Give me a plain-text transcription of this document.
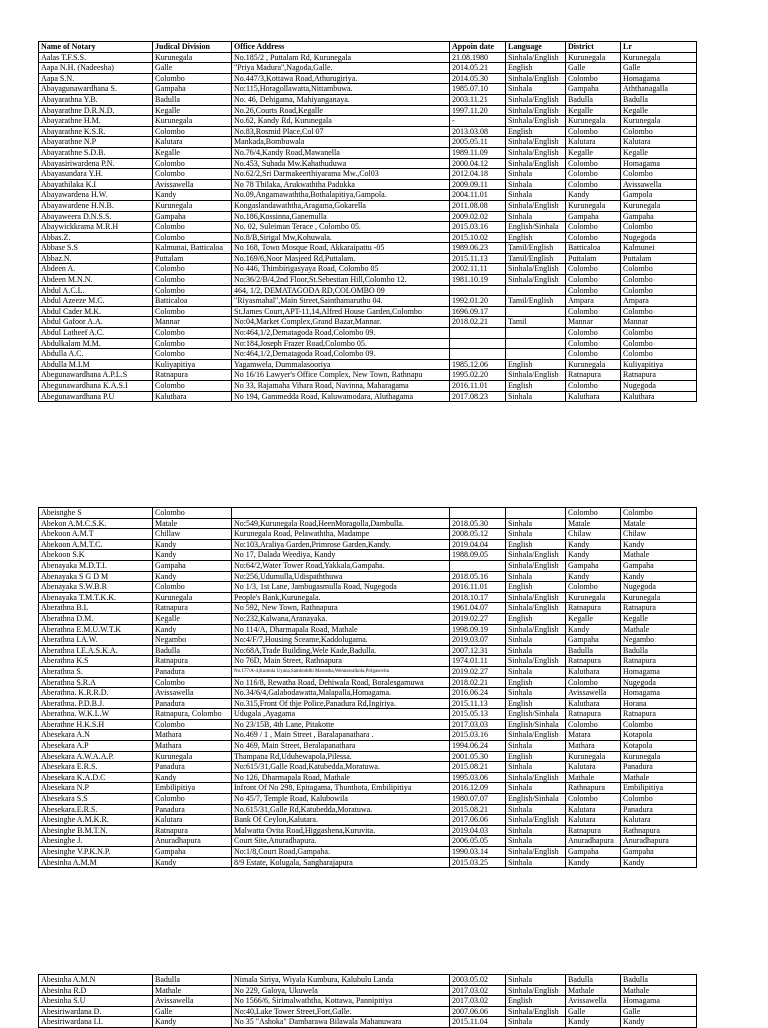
Name of Notary	Judical Division	Office Address	Appoin date	Language	District	Lr
Aalas T.F.S.S.	Kurunegala	No.185/2 , Puttalam Rd, Kurunegala	21.08.1980	Sinhala/English	Kurunegala	Kurunegala
Aapa N.H. (Nadeesha)	Galle	"Priya Madura",Nagoda,Galle.	2014.05.21	English	Galle	Galle
Aapa S.N.	Colombo	No.447/3,Kottawa Road,Athurugiriya.	2014.05.30	Sinhala/English	Colombo	Homagama
Abayagunawardhana S.	Gampaha	No:115,Horagollawatta,Nittambuwa.	1985.07.10	Sinhala	Gampaha	Aththanagalla
Abayarathna Y.B.	Badulla	No. 46, Dehigama, Mahiyanganaya.	2003.11.21	Sinhala/English	Badulla	Badulla
Abayarathne D.R.N.D.	Kegalle	No.26,Courts Road,Kegalle	1997.11.20	Sinhala/English	Kegalle	Kegalle
Abayarathne H.M.	Kurunegala	No.62, Kandy Rd, Kurunegala	-	Sinhala/English	Kurunegala	Kurunegala
Abayarathne K.S.R.	Colombo	No.83,Rosmid Place,Col 07	2013.03.08	English	Colombo	Colombo
Abayarathne N.P	Kalutara	Mankada,Bombuwala	2005.05.11	Sinhala/English	Kalutara	Kalutara
Abayarathne S.D.B.	Kegalle	No.76/4,Kandy Road,Mawanella	1989.11.09	Sinhala/English	Kegalle	Kegalle
Abayasiriwardena P.N.	Colombo	No.453, Suhada Mw.Kahathuduwa	2000.04.12	Sinhala/English	Colombo	Homagama
Abayasundara Y.H.	Colombo	No.62/2,Sri Darmakeerthiyarama Mw.,Col03	2012.04.18	Sinhala	Colombo	Colombo
Abayathilaka K.I	Avissawella	No 78 Thilaka, Arukwaththa Padukka	2009.09.11	Sinhala	Colombo	Avissawella
Abayawardena H.W.	Kandy	No.09,Angamawaththa,Bothalapitiya,Gampola.	2004.11.01	Sinhala	Kandy	Gampola
Abayawardene H.N.B.	Kurunegala	Kongaslandawaththa,Aragama,Gokarella	2011.08.08	Sinhala/English	Kurunegala	Kurunegala
Abayaweera D.N.S.S.	Gampaha	No.186,Kossinna,Ganemulla	2009.02.02	Sinhala	Gampaha	Gampaha
Abaywickkrama M.R.H	Colombo	No. 02, Suleiman Terace , Colombo 05.	2015.03.16	English/Sinhala	Colombo	Colombo
Abbas.Z.	Colombo	No.8/B,Sirigal Mw,Kohuwala.	2015.10.02	English	Colombo	Nugegoda
Abbase S.S	Kalmunai, Batticaloa	No 168, Town Mosque Road, Akkaraipattu -05	1989.06.23	Tamil/English	Batticaloa	Kalmunei
Abbaz.N.	Puttalam	No.169/6,Noor Masjeed Rd,Puttalam.	2015.11.13	Tamil/English	Puttalam	Puttalam
Abdeen A.	Colombo	No 446, Thimbirigasyaya Road, Colombo 05	2002.11.11	Sinhala/English	Colombo	Colombo
Abdeen M.N.N.	Colombo	No:36/2/B/4,2nd Floor,St.Sebestian Hill,Colombo 12.	1981.10.19	Sinhala/English	Colombo	Colombo
Abdul A.C.L.	Colombo	464, 1/2, DEMATAGODA RD,COLOMBO 09			Colombo	Colombo
Abdul Azeeze M.C.	Batticaloa	"Riyasmahal",Main Street,Sainthamaruthu 04.	1992.01.20	Tamil/English	Ampara	Ampara
Abdul Cader M.K.	Colombo	St.James Court,APT-11,14,Alfred House Garden,Colombo	1696.09.17		Colombo	Colombo
Abdul Gafoor A.A.	Mannar	No:04,Market Complex,Grand Bazar,Mannar.	2018.02.21	Tamil	Mannar	Mannar
Abdul Latheef A.C.	Colombo	No:464,1/2,Dematagoda Road,Colombo 09.			Colombo	Colombo
Abdulkalam M.M.	Colombo	No:184,Joseph Frazer Road,Colombo 05.			Colombo	Colombo
Abdulla A.C.	Colombo	No:464,1/2,Dematagoda Road,Colombo 09.			Colombo	Colombo
Abdulla M.I.M	Kuliyapitiya	Yagamwela, Dummalasooriya	1985.12.06	English	Kurunegala	Kuliyapitiya
Abegunawardhana A.P.L.S	Ratnapura	No 16/16 Lawyer's Office Complex, New Town, Rathnapu	1995.02.20	Sinhala/English	Ratnapura	Ratnapura
Abegunawardhana K.A.S.I	Colombo	No 33, Rajamaha Vihara Road, Navinna, Maharagama	2016.11.01	English	Colombo	Nugegoda
Abegunawardhana P.U	Kaluthara	No 194, Gammedda Road, Kaluwamodara, Aluthagama	2017.08.23	Sinhala	Kaluthara	Kaluthara
Abeisnghe S	Colombo				Colombo	Colombo
Abekon A.M.C.S.K.	Matale	No:549,Kurunegala Road,HeenMoragolla,Dambulla.	2018.05.30	Sinhala	Matale	Matale
Abekoon A.M.T	Chillaw	Kurunegala Road, Pelawaththa, Madampe	2008.05.12	Sinhala	Chilaw	Chilaw
Abekoon A.M.T.C.	Kandy	No:103,Araliya Garden,Primrose Garden,Kandy.	2019.04.04	English	Kandy	Kandy
Abekoon S.K	Kandy	No 17, Dalada Weediya, Kandy	1988.09.05	Sinhala/English	Kandy	Mathale
Abenayaka M.D.T.I.	Gampaha	No:64/2,Water Tower Road,Yakkala,Gampaha.		Sinhala/English	Gampaha	Gampaha
Abenayaka S G D M	Kandy	No:256,Udumulla,Udispaththuwa	2018.05.16	Sinhala	Kandy	Kandy
Abenayaka S.W.B.R	Colombo	No 1/3, 1st Lane, Jambugasmulla Road, Nugegoda	2016.11.01	English	Colombo	Nugegoda
Abenayaka T.M.T.K.K.	Kurunegala	People's Bank,Kurunegala.	2018.10.17	Sinhala/English	Kurunegala	Kurunegala
Aberathna B.L	Ratnapura	No 592, New Town, Rathnapura	1961.04.07	Sinhala/English	Ratnapura	Ratnapura
Aberathna D.M.	Kegalle	No:232,Kalwana,Aranayaka.	2019.02.27	English	Kegalle	Kegalle
Aberathna E.M.U.W.T.K	Kandy	No 114/A, Dharmapala Road, Mathale	1998.09.19	Sinhala/English	Kandy	Mathale
Aberathna I.A.W.	Negambo	No:4/F/7,Housing Sceame,Kaddolugama.	2019.03.07	Sinhala	Gampaha	Negambo
Aberathna I.E.A.S.K.A.	Badulla	No:68A,Trade Building,Wele Kade,Badulla.	2007.12.31	Sinhala	Badulla	Badulla
Aberathna K.S	Ratnapura	No 76D, Main Street, Rathnapura	1974.01.11	Sinhala/English	Ratnapura	Ratnapura
Aberathna S.	Panadura	No.177/A-4,Kumula Uyana,Samboddhi Mawatha,Wennawalkola,Polgasovita	2019.02.27	Sinhala	Kaluthara	Homagama
Aberathna S.R.A	Colombo	No 116/8, Rewatha Road, Dehiwala Road, Boralesgamuwa	2018.02.21	English	Colombo	Nugegoda
Aberathna. K.R.R.D.	Avissawella	No.34/6/4,Galabodawatta,Malapalla,Homagama.	2016.06.24	Sinhala	Avissawella	Homagama
Aberathna. P.D.B.J.	Panadura	No.315,Front Of thje Police,Panadura Rd,Ingiriya.	2015.11.13	English	Kaluthara	Horana
Aberathna. W.K.L.W	Ratnapura, Colombo	Udugala ,Ayagama	2015.05.13	English/Sinhala	Ratnapura	Ratnapura
Aberathne H.K.S.H	Colombo	No 23/15B, 4th Lane, Pitakotte	2017.03.03	English/Sinhala	Colombo	Colombo
Abesekara A.N	Mathara	No.469 / 1 , Main Street , Baralapanathara .	2015.03.16	Sinhala/English	Matara	Kotapola
Abesekara A.P	Mathara	No 469, Main Street, Beralapanathara	1994.06.24	Sinhala	Mathara	Kotapola
Abesekara A.W.A.A.P.	Kurunegala	Thampana Rd,Uduhewapola,Pilessa.	2001.05.30	English	Kurunegala	Kurunegala
Abesekara E.R.S.	Panadura	No:615/31,Galle Road,Katubedda,Moratuwa.	2015.08.21	Sinhala	Kalutara	Panadura
Abesekara K.A.D.C	Kandy	No 126, Dharmapala Road, Mathale	1995.03.06	Sinhala/English	Mathale	Mathale
Abesekara N.P	Embilipitiya	Infront Of No 298, Epitagama, Thunthota, Embilipitiya	2016.12.09	Sinhala	Rathnapura	Embilipitiya
Abesekara S.S	Colombo	No 45/7, Temple Road, Kalubowila	1980.07.07	English/Sinhala	Colombo	Colombo
Abesekara.E.R.S.	Panadura	No.615/31,Galle Rd,Katubedda,Moratuwa.	2015.08.21	Sinhala	Kalutara	Panadura
Abesinghe A.M.K.R.	Kalutara	Bank Of Ceylon,Kalutara.	2017.06.06	Sinhala/English	Kalutara	Kalutara
Abesinghe B.M.T.N.	Ratnapura	Malwatta Ovita Road,Higgashena,Kuruvita.	2019.04.03	Sinhala	Ratnapura	Rathnapura
Abesinghe J.	Anuradhapura	Court Site,Anuradhapura.	2006.05.05	Sinhala	Anuradhapura	Anuradhapura
Abesinghe V.P.K.N.P.	Gampaha	No:1/8,Court Road,Gampaha.	1990.03.14	Sinhala/English	Gampaha	Gampaha
Abesinha A.M.M	Kandy	8/9 Estate, Kolugala, Sangharajapura	2015.03.25	Sinhala	Kandy	Kandy
Abesinha A.M.N	Badulla	Nimala Siriya, Wiyala Kumbura, Kalubulu Landa	2003.05.02	Sinhala	Badulla	Badulla
Abesinha R.D	Mathale	No 229, Galoya, Ukuwela	2017.03.02	Sinhala/English	Mathale	Mathale
Abesinha S.U	Avissawella	No 1566/6, Sirimalwaththa, Kottawa, Pannipitiya	2017.03.02	English	Avissawella	Homagama
Abesiriwardana D.	Galle	No:40,Lake Tower Street,Fort,Galle.	2007.06.06	Sinhala/English	Galle	Galle
Abesiriwardana I.I.	Kandy	No 35 "Ashoka" Dambarawa Bilawala Mahanuwara	2015.11.04	Sinhala	Kandy	Kandy
